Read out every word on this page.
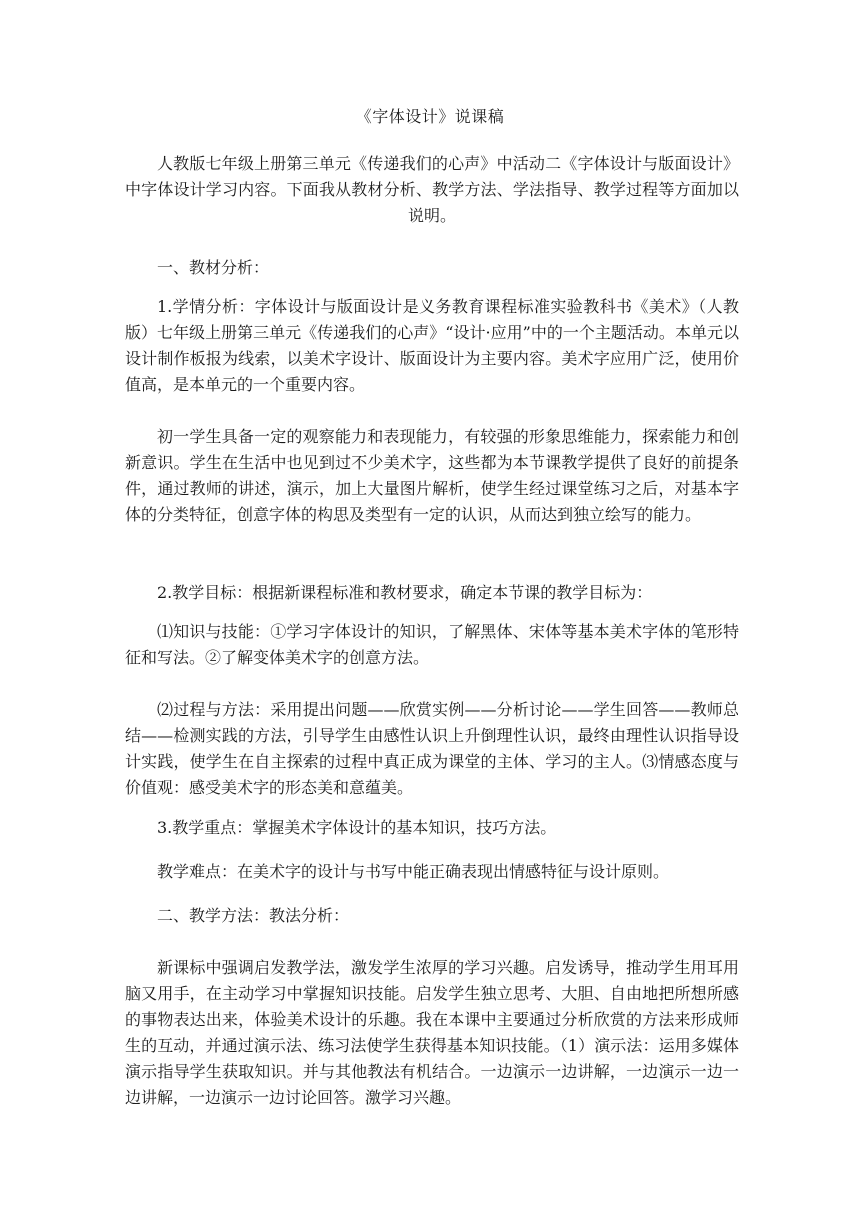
《字体设计》说课稿

人教版七年级上册第三单元《传递我们的心声》中活动二《字体设计与版面设计》中字体设计学习内容。下面我从教材分析、教学方法、学法指导、教学过程等方面加以说明。

一、教材分析：

1.学情分析：字体设计与版面设计是义务教育课程标准实验教科书《美术》（人教版）七年级上册第三单元《传递我们的心声》“设计·应用”中的一个主题活动。本单元以设计制作板报为线索，以美术字设计、版面设计为主要内容。美术字应用广泛，使用价值高，是本单元的一个重要内容。

初一学生具备一定的观察能力和表现能力，有较强的形象思维能力，探索能力和创新意识。学生在生活中也见到过不少美术字，这些都为本节课教学提供了良好的前提条件，通过教师的讲述，演示，加上大量图片解析，使学生经过课堂练习之后，对基本字体的分类特征，创意字体的构思及类型有一定的认识，从而达到独立绘写的能力。

2.教学目标：根据新课程标准和教材要求，确定本节课的教学目标为：

⑴知识与技能：①学习字体设计的知识，了解黑体、宋体等基本美术字体的笔形特征和写法。②了解变体美术字的创意方法。

⑵过程与方法：采用提出问题——欣赏实例——分析讨论——学生回答——教师总结——检测实践的方法，引导学生由感性认识上升倒理性认识，最终由理性认识指导设计实践，使学生在自主探索的过程中真正成为课堂的主体、学习的主人。⑶情感态度与价值观：感受美术字的形态美和意蕴美。

3.教学重点：掌握美术字体设计的基本知识，技巧方法。

教学难点：在美术字的设计与书写中能正确表现出情感特征与设计原则。

二、教学方法：教法分析：

新课标中强调启发教学法，激发学生浓厚的学习兴趣。启发诱导，推动学生用耳用脑又用手，在主动学习中掌握知识技能。启发学生独立思考、大胆、自由地把所想所感的事物表达出来，体验美术设计的乐趣。我在本课中主要通过分析欣赏的方法来形成师生的互动，并通过演示法、练习法使学生获得基本知识技能。（1）演示法：运用多媒体演示指导学生获取知识。并与其他教法有机结合。一边演示一边讲解，一边演示一边一边讲解，一边演示一边讨论回答。激学习兴趣。
